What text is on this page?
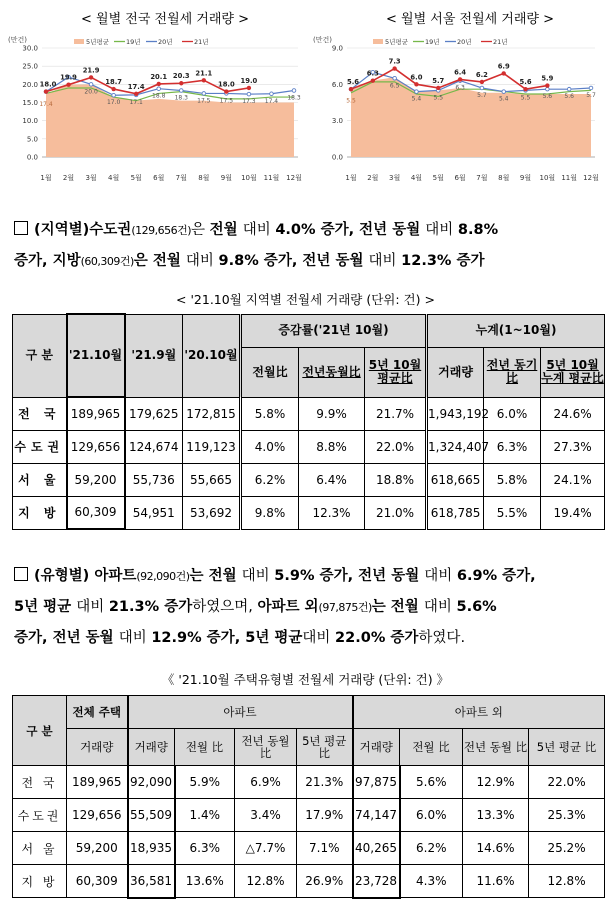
< 월별 전국 전월세 거래량 >	< 월별 서울 전월세 거래량 >
(만건)	5년평균	19년	20년	21년
0.0
5.0
10.0
15.0
20.0
25.0
30.0
1월 2월 3월 4월 5월 6월 7월 8월 9월 10월 11월 12월
18.0
19.9
21.9
18.7
17.4
20.1 20.3 21.1
18.0 19.0
20.0
17.0 17.1
18.8 18.3 17.5 17.5 17.3 17.4 18.3
17.4
(만건)	5년평균	19년	20년	21년
0.0
3.0
6.0
9.0
1월 2월 3월 4월 5월 6월 7월 8월 9월 10월 11월 12월
5.6
6.3
7.3
6.0 5.7
6.4 6.2
6.9
5.6 5.9
6.5
5.4 5.5
6.3
5.7
5.4 5.5 5.6 5.6 5.7
5.5
(지역별)수도권(129,656건)은 전월 대비 4.0% 증가, 전년 동월 대비 8.8%
증가, 지방(60,309건)은 전월 대비 9.8% 증가, 전년 동월 대비 12.3% 증가
< '21.10월 지역별 전월세 거래량 (단위: 건) >
구 분	'21.10월	'21.9월	'20.10월	증감률('21년 10월)			누계(1~10월)		
				전월比	전년동월比	5년 10월 평균比	거래량	전년 동기比	5년 10월누계 평균比
전 국	189,965	179,625	172,815	5.8%	9.9%	21.7%	1,943,192	6.0%	24.6%
수도권	129,656	124,674	119,123	4.0%	8.8%	22.0%	1,324,407	6.3%	27.3%
서 울	59,200	55,736	55,665	6.2%	6.4%	18.8%	618,665	5.8%	24.1%
지 방	60,309	54,951	53,692	9.8%	12.3%	21.0%	618,785	5.5%	19.4%
(유형별) 아파트(92,090건)는 전월 대비 5.9% 증가, 전년 동월 대비 6.9% 증가,
5년 평균 대비 21.3% 증가하였으며, 아파트 외(97,875건)는 전월 대비 5.6%
증가, 전년 동월 대비 12.9% 증가, 5년 평균대비 22.0% 증가하였다.
《 '21.10월 주택유형별 전월세 거래량 (단위: 건) 》
구 분	전체 주택	아파트				아파트 외			
	거래량	거래량	전월 比	전년 동월 比	5년 평균 比	거래량	전월 比	전년 동월 比	5년 평균 比
전 국	189,965	92,090	5.9%	6.9%	21.3%	97,875	5.6%	12.9%	22.0%
수도권	129,656	55,509	1.4%	3.4%	17.9%	74,147	6.0%	13.3%	25.3%
서 울	59,200	18,935	6.3%	△7.7%	7.1%	40,265	6.2%	14.6%	25.2%
지 방	60,309	36,581	13.6%	12.8%	26.9%	23,728	4.3%	11.6%	12.8%
